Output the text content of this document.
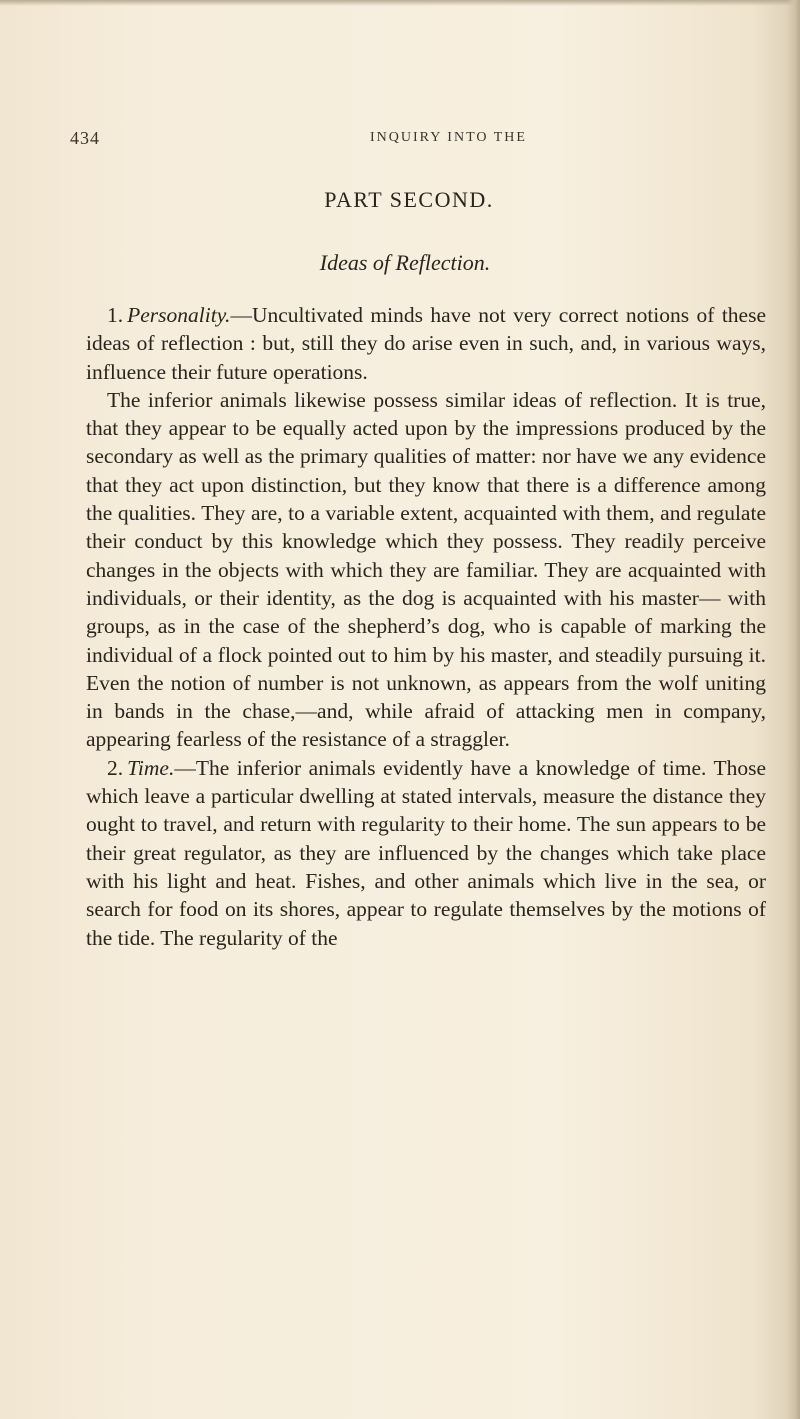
434	INQUIRY INTO THE
PART SECOND.
Ideas of Reflection.

1. Personality.—Uncultivated minds have not very correct notions of these ideas of reflection : but, still they do arise even in such, and, in various ways, influence their future operations.

The inferior animals likewise possess similar ideas of reflection. It is true, that they appear to be equally acted upon by the impressions produced by the secondary as well as the primary qualities of matter: nor have we any evidence that they act upon distinction, but they know that there is a difference among the qualities. They are, to a variable extent, acquainted with them, and regulate their conduct by this knowledge which they possess. They readily perceive changes in the objects with which they are familiar. They are acquainted with individuals, or their identity, as the dog is acquainted with his master— with groups, as in the case of the shepherd’s dog, who is capable of marking the individual of a flock pointed out to him by his master, and steadily pursuing it. Even the notion of number is not unknown, as appears from the wolf uniting in bands in the chase,—and, while afraid of attacking men in company, appearing fearless of the resistance of a straggler.

2. Time.—The inferior animals evidently have a knowledge of time. Those which leave a particular dwelling at stated intervals, measure the distance they ought to travel, and return with regularity to their home. The sun appears to be their great regulator, as they are influenced by the changes which take place with his light and heat. Fishes, and other animals which live in the sea, or search for food on its shores, appear to regulate themselves by the motions of the tide. The regularity of the
